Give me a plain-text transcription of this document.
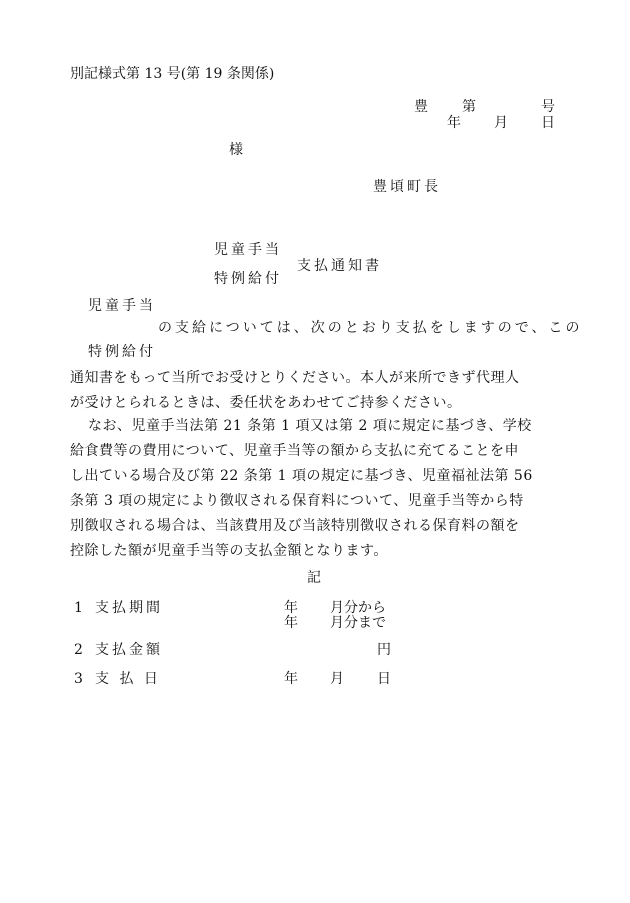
別記様式第 13 号(第 19 条関係)
豊 第	号
年 月 日
様
豊頃町長
児童手当
支払通知書
特例給付
児童手当
の支給については、次のとおり支払をしますので、この
特例給付
通知書をもって当所でお受けとりください。本人が来所できず代理人
が受けとられるときは、委任状をあわせてご持参ください。
なお、児童手当法第 21 条第 1 項又は第 2 項に規定に基づき、学校
給食費等の費用について、児童手当等の額から支払に充てることを申
し出ている場合及び第 22 条第 1 項の規定に基づき、児童福祉法第 56
条第 3 項の規定により徴収される保育料について、児童手当等から特
別徴収される場合は、当該費用及び当該特別徴収される保育料の額を
控除した額が児童手当等の支払金額となります。
記
1 支払期間	年 月分から
年 月分まで
2 支払金額	円
3 支 払 日	年 月 日
